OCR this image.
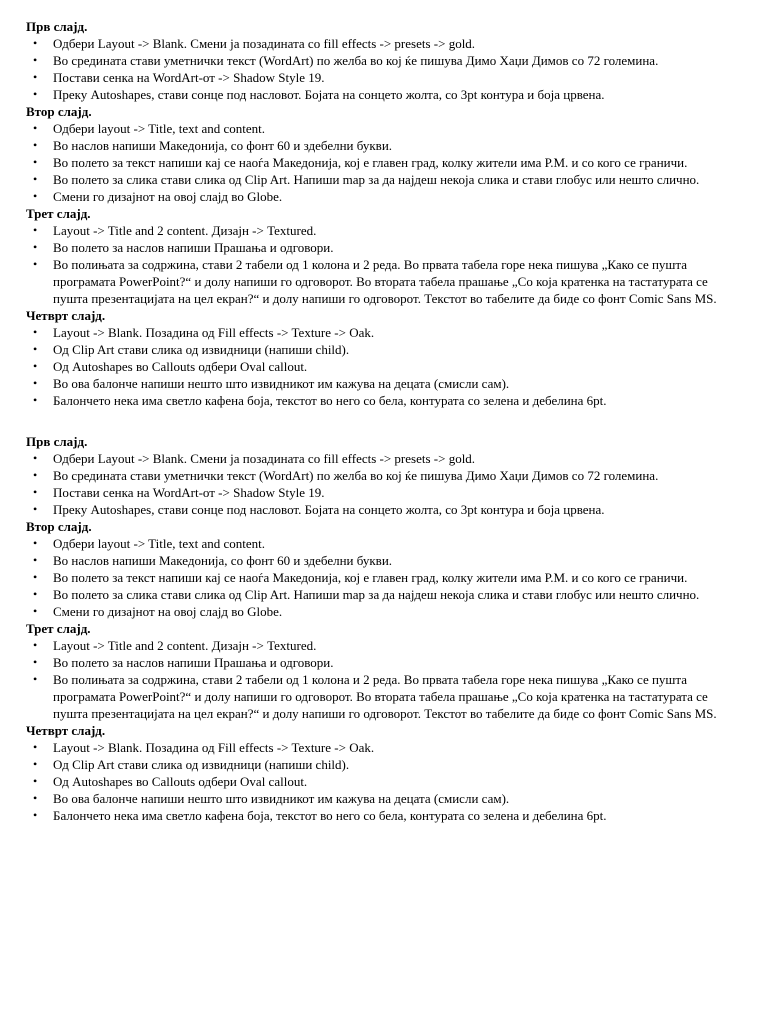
Прв слајд.

• Одбери Layout -> Blank. Смени ја позадината со fill effects -> presets -> gold.
• Во средината стави уметнички текст (WordArt) по желба во кој ќе пишува Димо Хаџи Димов со 72 големина.
• Постави сенка на WordArt-от -> Shadow Style 19.
• Преку Autoshapes, стави сонце под насловот. Бојата на сонцето жолта, со 3pt контура и боја црвена.

Втор слајд.

• Одбери layout -> Title, text and content.
• Во наслов напиши Македонија, со фонт 60 и здебелни букви.
• Во полето за текст напиши кај се наоѓа Македонија, кој е главен град, колку жители има Р.М. и со кого се граничи.
• Во полето за слика стави слика од Clip Art. Напиши map за да најдеш некоја слика и стави глобус или нешто слично.
• Смени го дизајнот на овој слајд во Globe.

Трет слајд.

• Layout -> Title and 2 content. Дизајн -> Textured.
• Во полето за наслов напиши Прашања и одговори.
• Во полињата за содржина, стави 2 табели од 1 колона и 2 реда. Во првата табела горе нека пишува „Како се пушта програмата PowerPoint?“ и долу напиши го одговорот. Во втората табела прашање „Со која кратенка на тастатурата се пушта презентацијата на цел екран?“ и долу напиши го одговорот. Текстот во табелите да биде со фонт Comic Sans MS.

Четврт слајд.

• Layout -> Blank. Позадина од Fill effects -> Texture -> Oak.
• Од Clip Art стави слика од извидници (напиши child).
• Од Autoshapes во Callouts одбери Oval callout.
• Во ова балонче напиши нешто што извидникот им кажува на децата (смисли сам).
• Балончето нека има светло кафена боја, текстот во него со бела, контурата со зелена и дебелина 6pt.

Прв слајд.

• Одбери Layout -> Blank. Смени ја позадината со fill effects -> presets -> gold.
• Во средината стави уметнички текст (WordArt) по желба во кој ќе пишува Димо Хаџи Димов со 72 големина.
• Постави сенка на WordArt-от -> Shadow Style 19.
• Преку Autoshapes, стави сонце под насловот. Бојата на сонцето жолта, со 3pt контура и боја црвена.

Втор слајд.

• Одбери layout -> Title, text and content.
• Во наслов напиши Македонија, со фонт 60 и здебелни букви.
• Во полето за текст напиши кај се наоѓа Македонија, кој е главен град, колку жители има Р.М. и со кого се граничи.
• Во полето за слика стави слика од Clip Art. Напиши map за да најдеш некоја слика и стави глобус или нешто слично.
• Смени го дизајнот на овој слајд во Globe.

Трет слајд.

• Layout -> Title and 2 content. Дизајн -> Textured.
• Во полето за наслов напиши Прашања и одговори.
• Во полињата за содржина, стави 2 табели од 1 колона и 2 реда. Во првата табела горе нека пишува „Како се пушта програмата PowerPoint?“ и долу напиши го одговорот. Во втората табела прашање „Со која кратенка на тастатурата се пушта презентацијата на цел екран?“ и долу напиши го одговорот. Текстот во табелите да биде со фонт Comic Sans MS.

Четврт слајд.

• Layout -> Blank. Позадина од Fill effects -> Texture -> Oak.
• Од Clip Art стави слика од извидници (напиши child).
• Од Autoshapes во Callouts одбери Oval callout.
• Во ова балонче напиши нешто што извидникот им кажува на децата (смисли сам).
• Балончето нека има светло кафена боја, текстот во него со бела, контурата со зелена и дебелина 6pt.
